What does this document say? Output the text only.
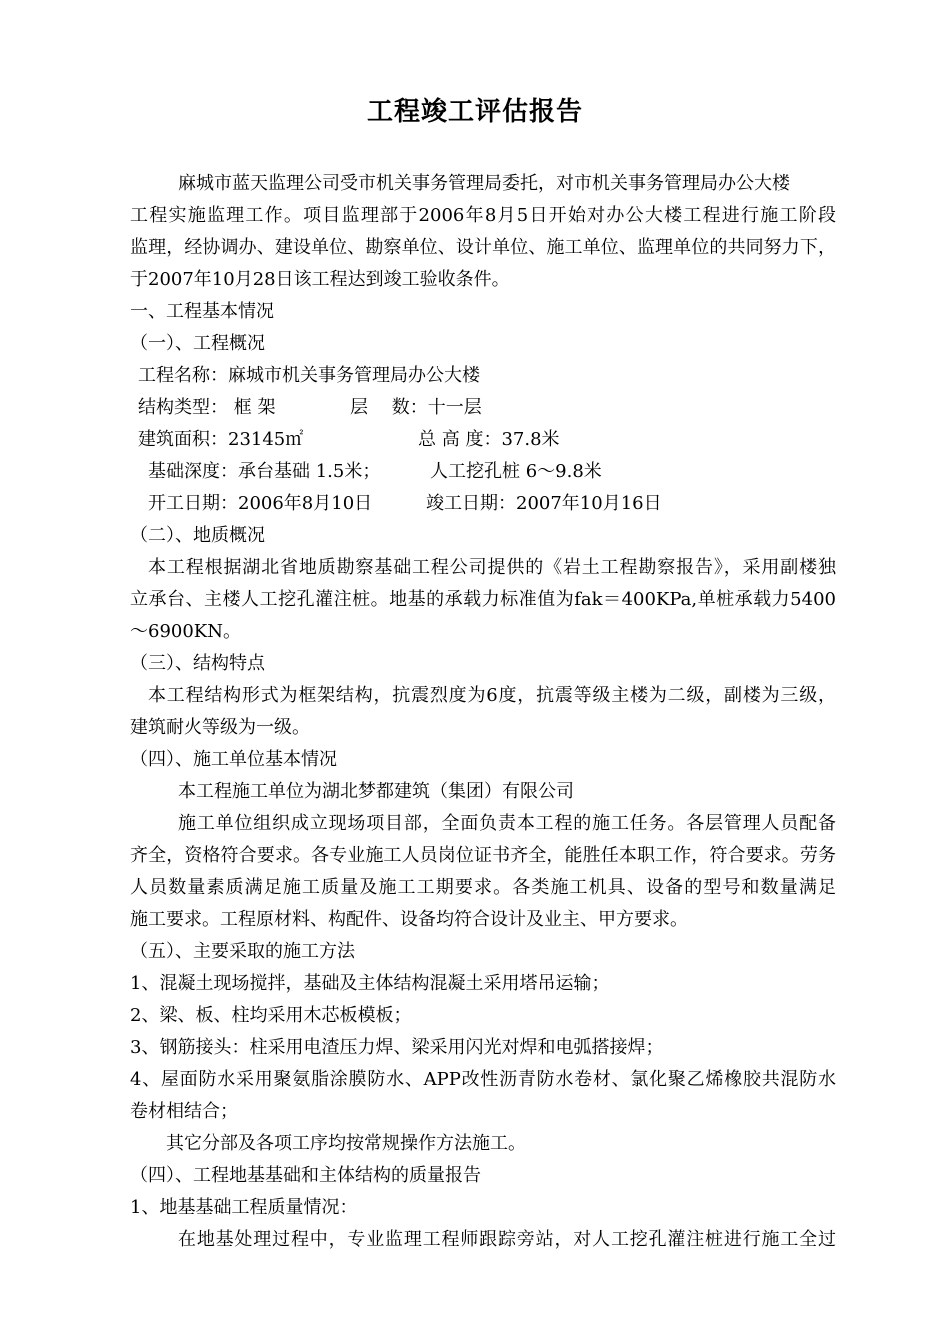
工程竣工评估报告
麻城市蓝天监理公司受市机关事务管理局委托，对市机关事务管理局办公大楼
工程实施监理工作。项目监理部于2006年8月5日开始对办公大楼工程进行施工阶段
监理，经协调办、建设单位、勘察单位、设计单位、施工单位、监理单位的共同努力下，
于2007年10月28日该工程达到竣工验收条件。
一、工程基本情况
（一）、工程概况
工程名称：麻城市机关事务管理局办公大楼
结构类型： 框 架	层　 数：十一层
建筑面积：23145㎡	总 高 度：37.8米
基础深度：承台基础 1.5米；	人工挖孔桩 6～9.8米
开工日期：2006年8月10日	竣工日期：2007年10月16日
（二）、地质概况
本工程根据湖北省地质勘察基础工程公司提供的《岩土工程勘察报告》，采用副楼独
立承台、主楼人工挖孔灌注桩。地基的承载力标准值为fak＝400KPa,单桩承载力5400
～6900KN。
（三）、结构特点
本工程结构形式为框架结构，抗震烈度为6度，抗震等级主楼为二级，副楼为三级，
建筑耐火等级为一级。
（四）、施工单位基本情况
本工程施工单位为湖北梦都建筑（集团）有限公司
施工单位组织成立现场项目部，全面负责本工程的施工任务。各层管理人员配备
齐全，资格符合要求。各专业施工人员岗位证书齐全，能胜任本职工作，符合要求。劳务
人员数量素质满足施工质量及施工工期要求。各类施工机具、设备的型号和数量满足
施工要求。工程原材料、构配件、设备均符合设计及业主、甲方要求。
（五）、主要采取的施工方法
1、混凝土现场搅拌，基础及主体结构混凝土采用塔吊运输；
2、梁、板、柱均采用木芯板模板；
3、钢筋接头：柱采用电渣压力焊、梁采用闪光对焊和电弧搭接焊；
4、屋面防水采用聚氨脂涂膜防水、APP改性沥青防水卷材、氯化聚乙烯橡胶共混防水
卷材相结合；
其它分部及各项工序均按常规操作方法施工。
（四）、工程地基基础和主体结构的质量报告
1、地基基础工程质量情况：
在地基处理过程中，专业监理工程师跟踪旁站，对人工挖孔灌注桩进行施工全过
